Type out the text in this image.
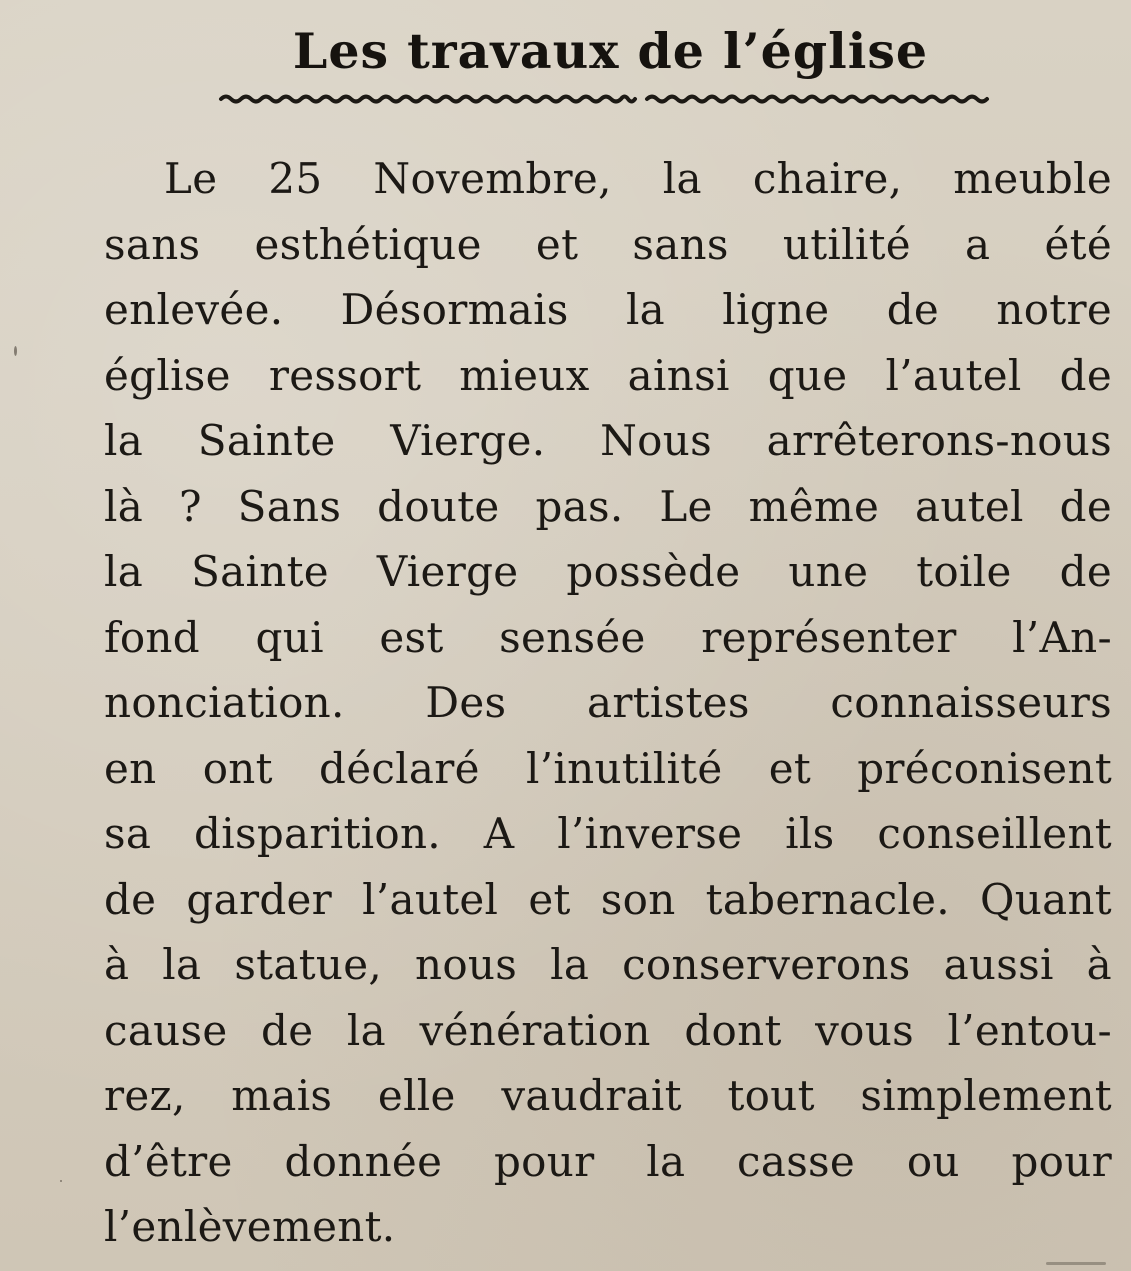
Les travaux de l’église
Le 25 Novembre, la chaire, meuble
sans esthétique et sans utilité a été
enlevée. Désormais la ligne de notre
église ressort mieux ainsi que l’autel de
la Sainte Vierge. Nous arrêterons-nous
là ? Sans doute pas. Le même autel de
la Sainte Vierge possède une toile de
fond qui est sensée représenter l’An-
nonciation. Des artistes connaisseurs
en ont déclaré l’inutilité et préconisent
sa disparition. A l’inverse ils conseillent
de garder l’autel et son tabernacle. Quant
à la statue, nous la conserverons aussi à
cause de la vénération dont vous l’entou-
rez, mais elle vaudrait tout simplement
d’être donnée pour la casse ou pour
l’enlèvement.
